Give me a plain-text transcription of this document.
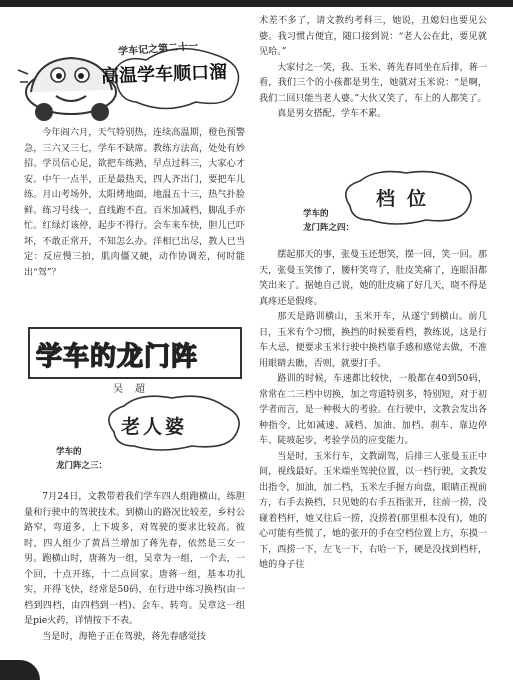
学车记之第二十一
高温学车顺口溜

今年阎六月，天气特别热，连续高温期，橙色预警急，三六又三七，学车不缺席。教练方法高，处处有妙招。学员信心足，欲把车练熟，早点过科三，大家心才安。中午一点半，正是最热天，四人齐出门，要把车儿练。月山考场外，太阳烤地面，地温五十三，热气扑脸鲜。练习号线一，直线跑不直。百米加减档，脚乱手亦忙。红绿灯该停，起步不得行。会车来车快，胆儿已吓坏，不敢正常开，不知怎么办。洋相已出尽，教人已当定：反应慢三拍，肌肉僵又硬，动作协调差，何时能出“驾”？

学车的龙门阵
吴超
老人婆
学车的
龙门阵之三：

7月24日，文教带着我们学车四人组跑横山，练胆量和行驶中的驾驶技术。到横山的路况比较差，乡村公路窄，弯道多，上下坡多，对驾驶的要求比较高。彼时，四人组少了黄昌兰增加了蒋先春，依然是三女一男。跑横山时，唐蒋为一组，吴章为一组，一个去，一个回，十点开练，十二点回家。唐蒋一组，基本功扎实，开得飞快，经常是50码，在行进中练习换档(由一档到四档，由四档到一档)、会车、转弯。吴章这一组是pie火药，详情按下不表。

当是时，海艳子正在驾驶，蒋先春感觉技

术差不多了，请文教约考科三，她说，丑媳妇也要见公婆。我习惯占便宜，随口接到说：“老人公在此，要见就见哈。”

大家付之一笑，我、玉米、蒋先春同坐在后排，蒋一看，我们三个的小孩都是男生，她就对玉米说：“是啊，我们二回只能当老人婆。”大伙又笑了，车上的人都笑了。

真是男女搭配，学车不累。

档位
学车的
龙门阵之四：

摆起那天的事，张曼玉还想笑，摆一回，笑一回。那天，张曼玉笑惨了，腰杆笑弯了，肚皮笑痛了，连眼泪都笑出来了。据她自己说，她的肚皮痛了好几天，晓不得是真疼还是假疼。

那天是路训横山，玉米开车，从遂宁到横山。前几日，玉米有个习惯，换挡的时候要看档，教练说，这是行车大忌，便要求玉米行驶中换档靠手感和感觉去做，不准用眼睛去瞧，否则，就要打手。

路训的时候，车速都比较快，一般都在40到50码，常常在二三档中切换，加之弯道特别多，特别短，对于初学者而言，是一种极大的考验。在行驶中，文教会发出各种指令，比如减速、减档、加油、加档、刹车、靠边停车、陡坡起步，考验学员的应变能力。

当是时，玉米行车，文教副驾，后排三人张曼玉正中间，视线最好。玉米端坐驾驶位置，以一档行驶，文教发出指令，加油，加二档，玉米左手握方向盘，眼睛正视前方，右手去换档，只见她的右手五指张开，往前一捞，没碰着档杆，她又往后一捞，没捞着(那里根本没有)，她的心可能有些慌了，她的张开的手在空档位置上方，东摸一下，西捞一下，左飞一下，右哈一下，硬是没找到档杆，她的身子往
